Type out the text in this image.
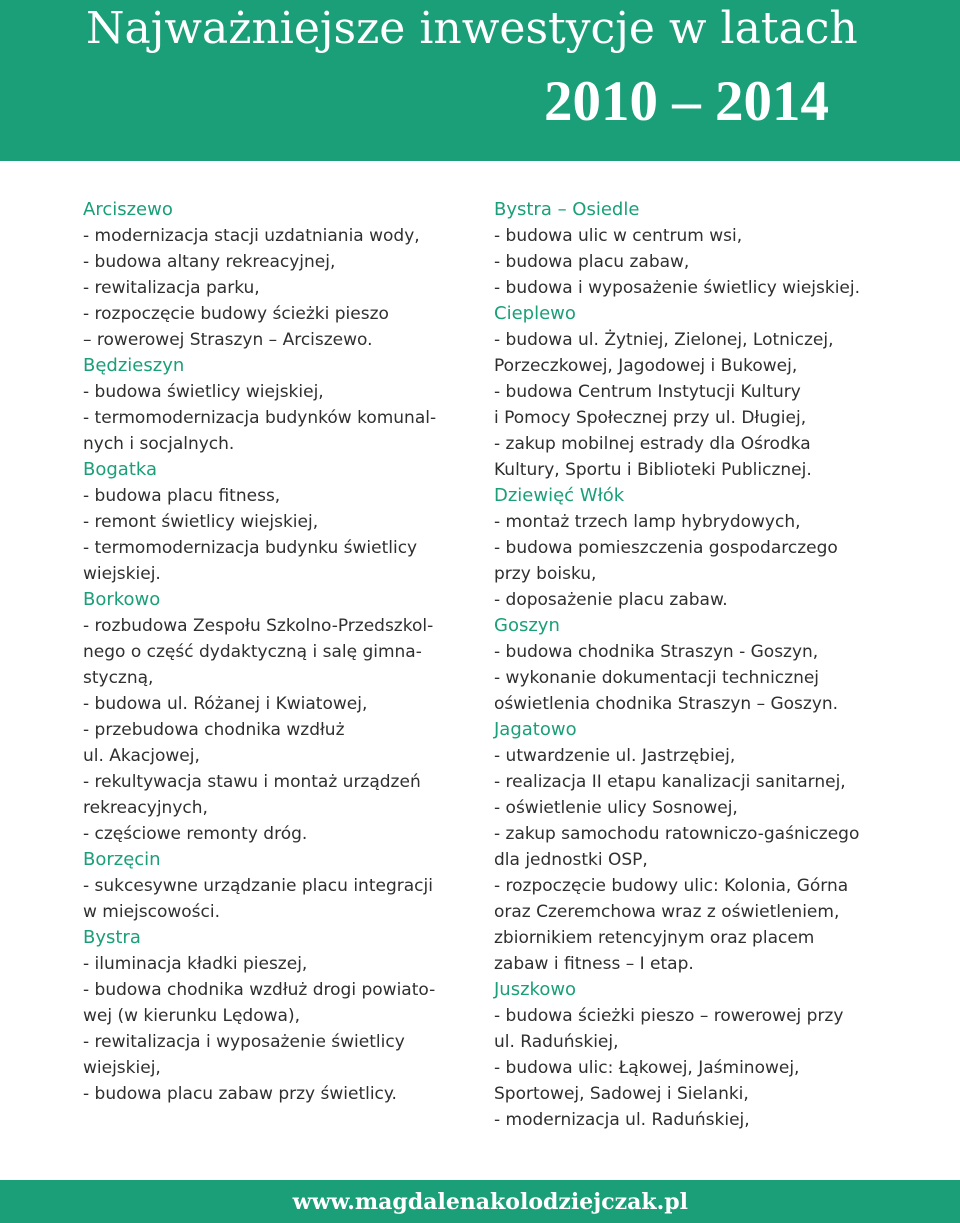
Najważniejsze inwestycje w latach
2010 – 2014
Arciszewo
- modernizacja stacji uzdatniania wody,
- budowa altany rekreacyjnej,
- rewitalizacja parku,
- rozpoczęcie budowy ścieżki pieszo
– rowerowej Straszyn – Arciszewo.
Będzieszyn
- budowa świetlicy wiejskiej,
- termomodernizacja budynków komunal-
nych i socjalnych.
Bogatka
- budowa placu fitness,
- remont świetlicy wiejskiej,
- termomodernizacja budynku świetlicy
wiejskiej.
Borkowo
- rozbudowa Zespołu Szkolno-Przedszkol-
nego o część dydaktyczną i salę gimna-
styczną,
- budowa ul. Różanej i Kwiatowej,
- przebudowa chodnika wzdłuż
ul. Akacjowej,
- rekultywacja stawu i montaż urządzeń
rekreacyjnych,
- częściowe remonty dróg.
Borzęcin
- sukcesywne urządzanie placu integracji
w miejscowości.
Bystra
- iluminacja kładki pieszej,
- budowa chodnika wzdłuż drogi powiato-
wej (w kierunku Lędowa),
- rewitalizacja i wyposażenie świetlicy
wiejskiej,
- budowa placu zabaw przy świetlicy.
Bystra – Osiedle
- budowa ulic w centrum wsi,
- budowa placu zabaw,
- budowa i wyposażenie świetlicy wiejskiej.
Cieplewo
- budowa ul. Żytniej, Zielonej, Lotniczej,
Porzeczkowej, Jagodowej i Bukowej,
- budowa Centrum Instytucji Kultury
i Pomocy Społecznej przy ul. Długiej,
- zakup mobilnej estrady dla Ośrodka
Kultury, Sportu i Biblioteki Publicznej.
Dziewięć Włók
- montaż trzech lamp hybrydowych,
- budowa pomieszczenia gospodarczego
przy boisku,
- doposażenie placu zabaw.
Goszyn
- budowa chodnika Straszyn - Goszyn,
- wykonanie dokumentacji technicznej
oświetlenia chodnika Straszyn – Goszyn.
Jagatowo
- utwardzenie ul. Jastrzębiej,
- realizacja II etapu kanalizacji sanitarnej,
- oświetlenie ulicy Sosnowej,
- zakup samochodu ratowniczo-gaśniczego
dla jednostki OSP,
- rozpoczęcie budowy ulic: Kolonia, Górna
oraz Czeremchowa wraz z oświetleniem,
zbiornikiem retencyjnym oraz placem
zabaw i fitness – I etap.
Juszkowo
- budowa ścieżki pieszo – rowerowej przy
ul. Raduńskiej,
- budowa ulic: Łąkowej, Jaśminowej,
Sportowej, Sadowej i Sielanki,
- modernizacja ul. Raduńskiej,
www.magdalenakolodziejczak.pl
